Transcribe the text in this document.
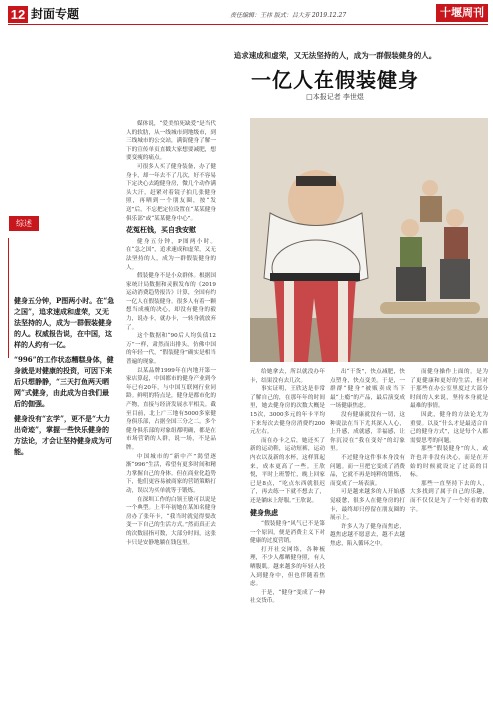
12 封面专题	责任编辑：王祎 版式：吕大芳 2019.12.27	十堰周刊
追求速成和虚荣，又无法坚持的人，成为一群假装健身的人。
一亿人在假装健身
□本报记者 李世煜
综述

健身五分钟，P图两小时。在“急之国”，追求速成和虚荣，又无法坚持的人，成为一群假装健身的人。权威报告说，在中国，这样的人约有一亿。

“996”的工作状态糟糕身体，健身就是对健康的投资，可因下来后只想静静，“三天打鱼两天晒网”式健身，由此成为自我们最后的伽强。

健身没有“玄学”，更不是“大力出奇迹”，掌握一些快乐健身的方法论，才会让坚持健身成为可能。

媒体说，“爱美怕死缺爱”是当代人的软肋，从一线城市到地级市，到三线城市的公交站，满街健身了解一下的宣传单页直戳大家想要减肥，想要变瘦的痛点。

可很多人买了健身装备，办了健身卡，却一年去不了几次，好不容易下定决心去跑健身房，微几个动作满头大汗，赶紧对着镜子拍几张健身照，再晒到一个朋友圈，按“发送”后，不忘把定位设置在“某某健身俱乐部”或“某某健身中心”。

花冤枉钱，买自我安慰

健身五分钟，P图两小时。在“急之国”，追求速成和虚荣，又无法坚持的人，成为一群假装健身的人。

假装健身不是小众群体。根据国家统计局数据和灵猴发布的《2019运动消费趋势报告》计算，全国有约一亿人在假装健身。很多人有着一颗想当成瘦的决心，却没有健身的毅力，说办卡，就办卡，一转身就放弃了。

这个数据和“90后人均负债12万”一样，肃然而出排头，仿佛中国的年轻一代，“假装健身”确实是相当普遍的现象。

以某品牌1999年在内地开第一家店算起，中国都市的健身产业到今年已有20年，与中国互联网行业同龄。鲜明的特点是，健身是都市化的产物，直接与经济发展水平相关。截至目前，北上广三地有5000多家健身俱乐部，占据全国三分之二。多个健身俱乐部的对象组都明确，都是在市场营销的人群，说一场，不是品牌。

中国城市的“新中产”渴望逐渐“996”生活，希望有更多时间和精力掌握自己的身体。但在商业化趋势下，他们更容易被商家的营销策略打动，误以为买单就等于锻炼。

在深圳工作的白领王敏可以说是一个典型。上半年初她在某知名健身房办了张年卡，“我当时就觉得要改变一下自己的生活方式。”然而真正去的次数屈指可数，大部分时间，这张卡只是安静地躺在钱包里。

给她拿去，所以就没办年卡，结果没有去几次。

事实证明，王欣达是非常了解自己的，在那年年的时间里，她去健身房的次数大概是15次，3000多元的年卡平均下来每次去健身房消费约200元左右。

而在办卡之后，她还买了新的运动鞋，运动短裤，运动内衣以及新的水杯，这样算起来，成本更高了一些。王欣悦，平时上班警忙，晚上回家已是8点，“吃点东西就很迟了，再去练一下就不想去了，还是躺床上舒服。”王欣说。

健身焦虑

“假装健身”风气已不是第一个原因，便是消费主义下对健康的过度营销。

打开社交网络，各种梳理，不少人都晒健身照，有人晒腹肌。越来越多的年轻人投入到健身中，但也伴随着焦虑。

于是，“健身”变成了一种社交货币。

出“干货”，快点减肥，快点塑身，快点变美。于是，一群群“健身”被贩卖成当下最“上瘾”的产品，最后演变成一场健康焦虑。

没有健康就没有一切，这种说法在当下尤其深入人心，上升感，成就感，幸福感，让你沉浸在“我在变好”的幻象里。

不过健身这件事本身没有问题。而一旦把它变成了消费品，它就不再是纯粹的锻炼，而变成了一场表演。

可是越来越多的人开始感觉疲惫，很多人在健身房的打卡，最终却只停留在朋友圈的展示上。

许多人为了健身而焦虑，越焦虑越不愿意去，越不去越焦虑，陷入循环之中。

而健身操作上面的，是为了更健康和更好的生活，但对于那些在办公室里度过大部分时间的人来说，坚持本身就是最难的事情。

因此，健身的方法论尤为重要。以及“什么才是最适合自己的健身方式”，这是每个人都需要思考的问题。

那些“假装健身”的人，或许也并非没有决心，而是在开始的时候就设定了过高的目标。

那些一直坚持下去的人，大多找到了属于自己的乐趣，而不仅仅是为了一个好看的数字。
